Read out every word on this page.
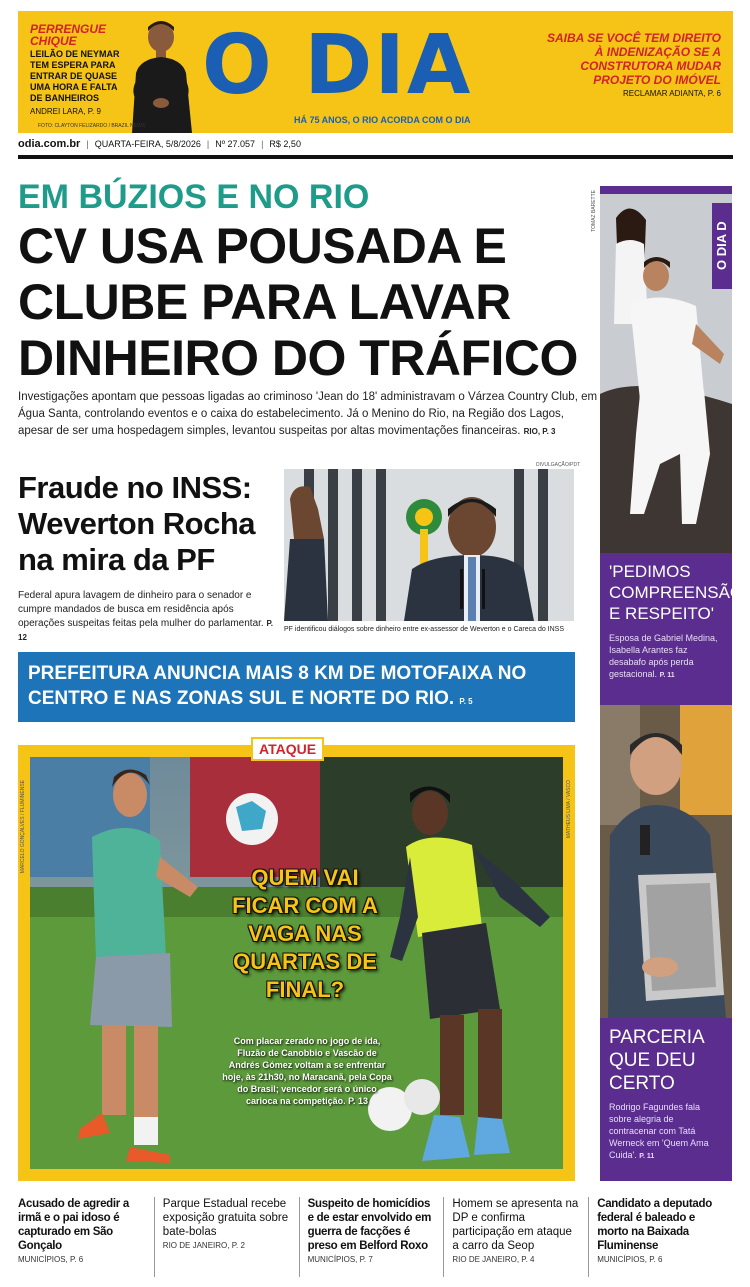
PERRENGUE CHIQUE
LEILÃO DE NEYMAR TEM ESPERA PARA ENTRAR DE QUASE UMA HORA E FALTA DE BANHEIROS
ANDREI LARA, P. 9	O DIA
HÁ 75 ANOS, O RIO ACORDA COM O DIA
SAIBA SE VOCÊ TEM DIREITO À INDENIZAÇÃO SE A CONSTRUTORA MUDAR PROJETO DO IMÓVEL
RECLAMAR ADIANTA, P. 6
FOTO: CLAYTON FELIZARDO / BRAZIL NEWS
odia.com.br | QUARTA-FEIRA, 5/8/2026 | Nº 27.057 | R$ 2,50
EM BÚZIOS E NO RIO
CV USA POUSADA E CLUBE PARA LAVAR DINHEIRO DO TRÁFICO
Investigações apontam que pessoas ligadas ao criminoso 'Jean do 18' administravam o Várzea Country Club, em Água Santa, controlando eventos e o caixa do estabelecimento. Já o Menino do Rio, na Região dos Lagos, apesar de ser uma hospedagem simples, levantou suspeitas por altas movimentações financeiras. RIO, P. 3
Fraude no INSS: Weverton Rocha na mira da PF
Federal apura lavagem de dinheiro para o senador e cumpre mandados de busca em residência após operações suspeitas feitas pela mulher do parlamentar. P. 12
DIVULGAÇÃO/PDT
PF identificou diálogos sobre dinheiro entre ex-assessor de Weverton e o Careca do INSS
PREFEITURA ANUNCIA MAIS 8 KM DE MOTOFAIXA NO CENTRO E NAS ZONAS SUL E NORTE DO RIO. P. 5
MARCELO GONÇALVES / FLUMINENSE	MATHEUS LIMA / VASCO
ATAQUE
QUEM VAI FICAR COM A VAGA NAS QUARTAS DE FINAL?
Com placar zerado no jogo de ida, Fluzão de Canobbio e Vascão de Andrés Gómez voltam a se enfrentar hoje, às 21h30, no Maracanã, pela Copa do Brasil; vencedor será o único carioca na competição. P. 13
TOMAZ BARETTE
O DIA D
'PEDIMOS COMPREENSÃO E RESPEITO'
Esposa de Gabriel Medina, Isabella Arantes faz desabafo após perda gestacional. P. 11
PARCERIA QUE DEU CERTO
Rodrigo Fagundes fala sobre alegria de contracenar com Tatá Werneck em 'Quem Ama Cuida'. P. 11
Acusado de agredir a irmã e o pai idoso é capturado em São Gonçalo
MUNICÍPIOS, P. 6
Parque Estadual recebe exposição gratuita sobre bate-bolas
RIO DE JANEIRO, P. 2
Suspeito de homicídios e de estar envolvido em guerra de facções é preso em Belford Roxo
MUNICÍPIOS, P. 7
Homem se apresenta na DP e confirma participação em ataque a carro da Seop
RIO DE JANEIRO, P. 4
Candidato a deputado federal é baleado e morto na Baixada Fluminense
MUNICÍPIOS, P. 6
